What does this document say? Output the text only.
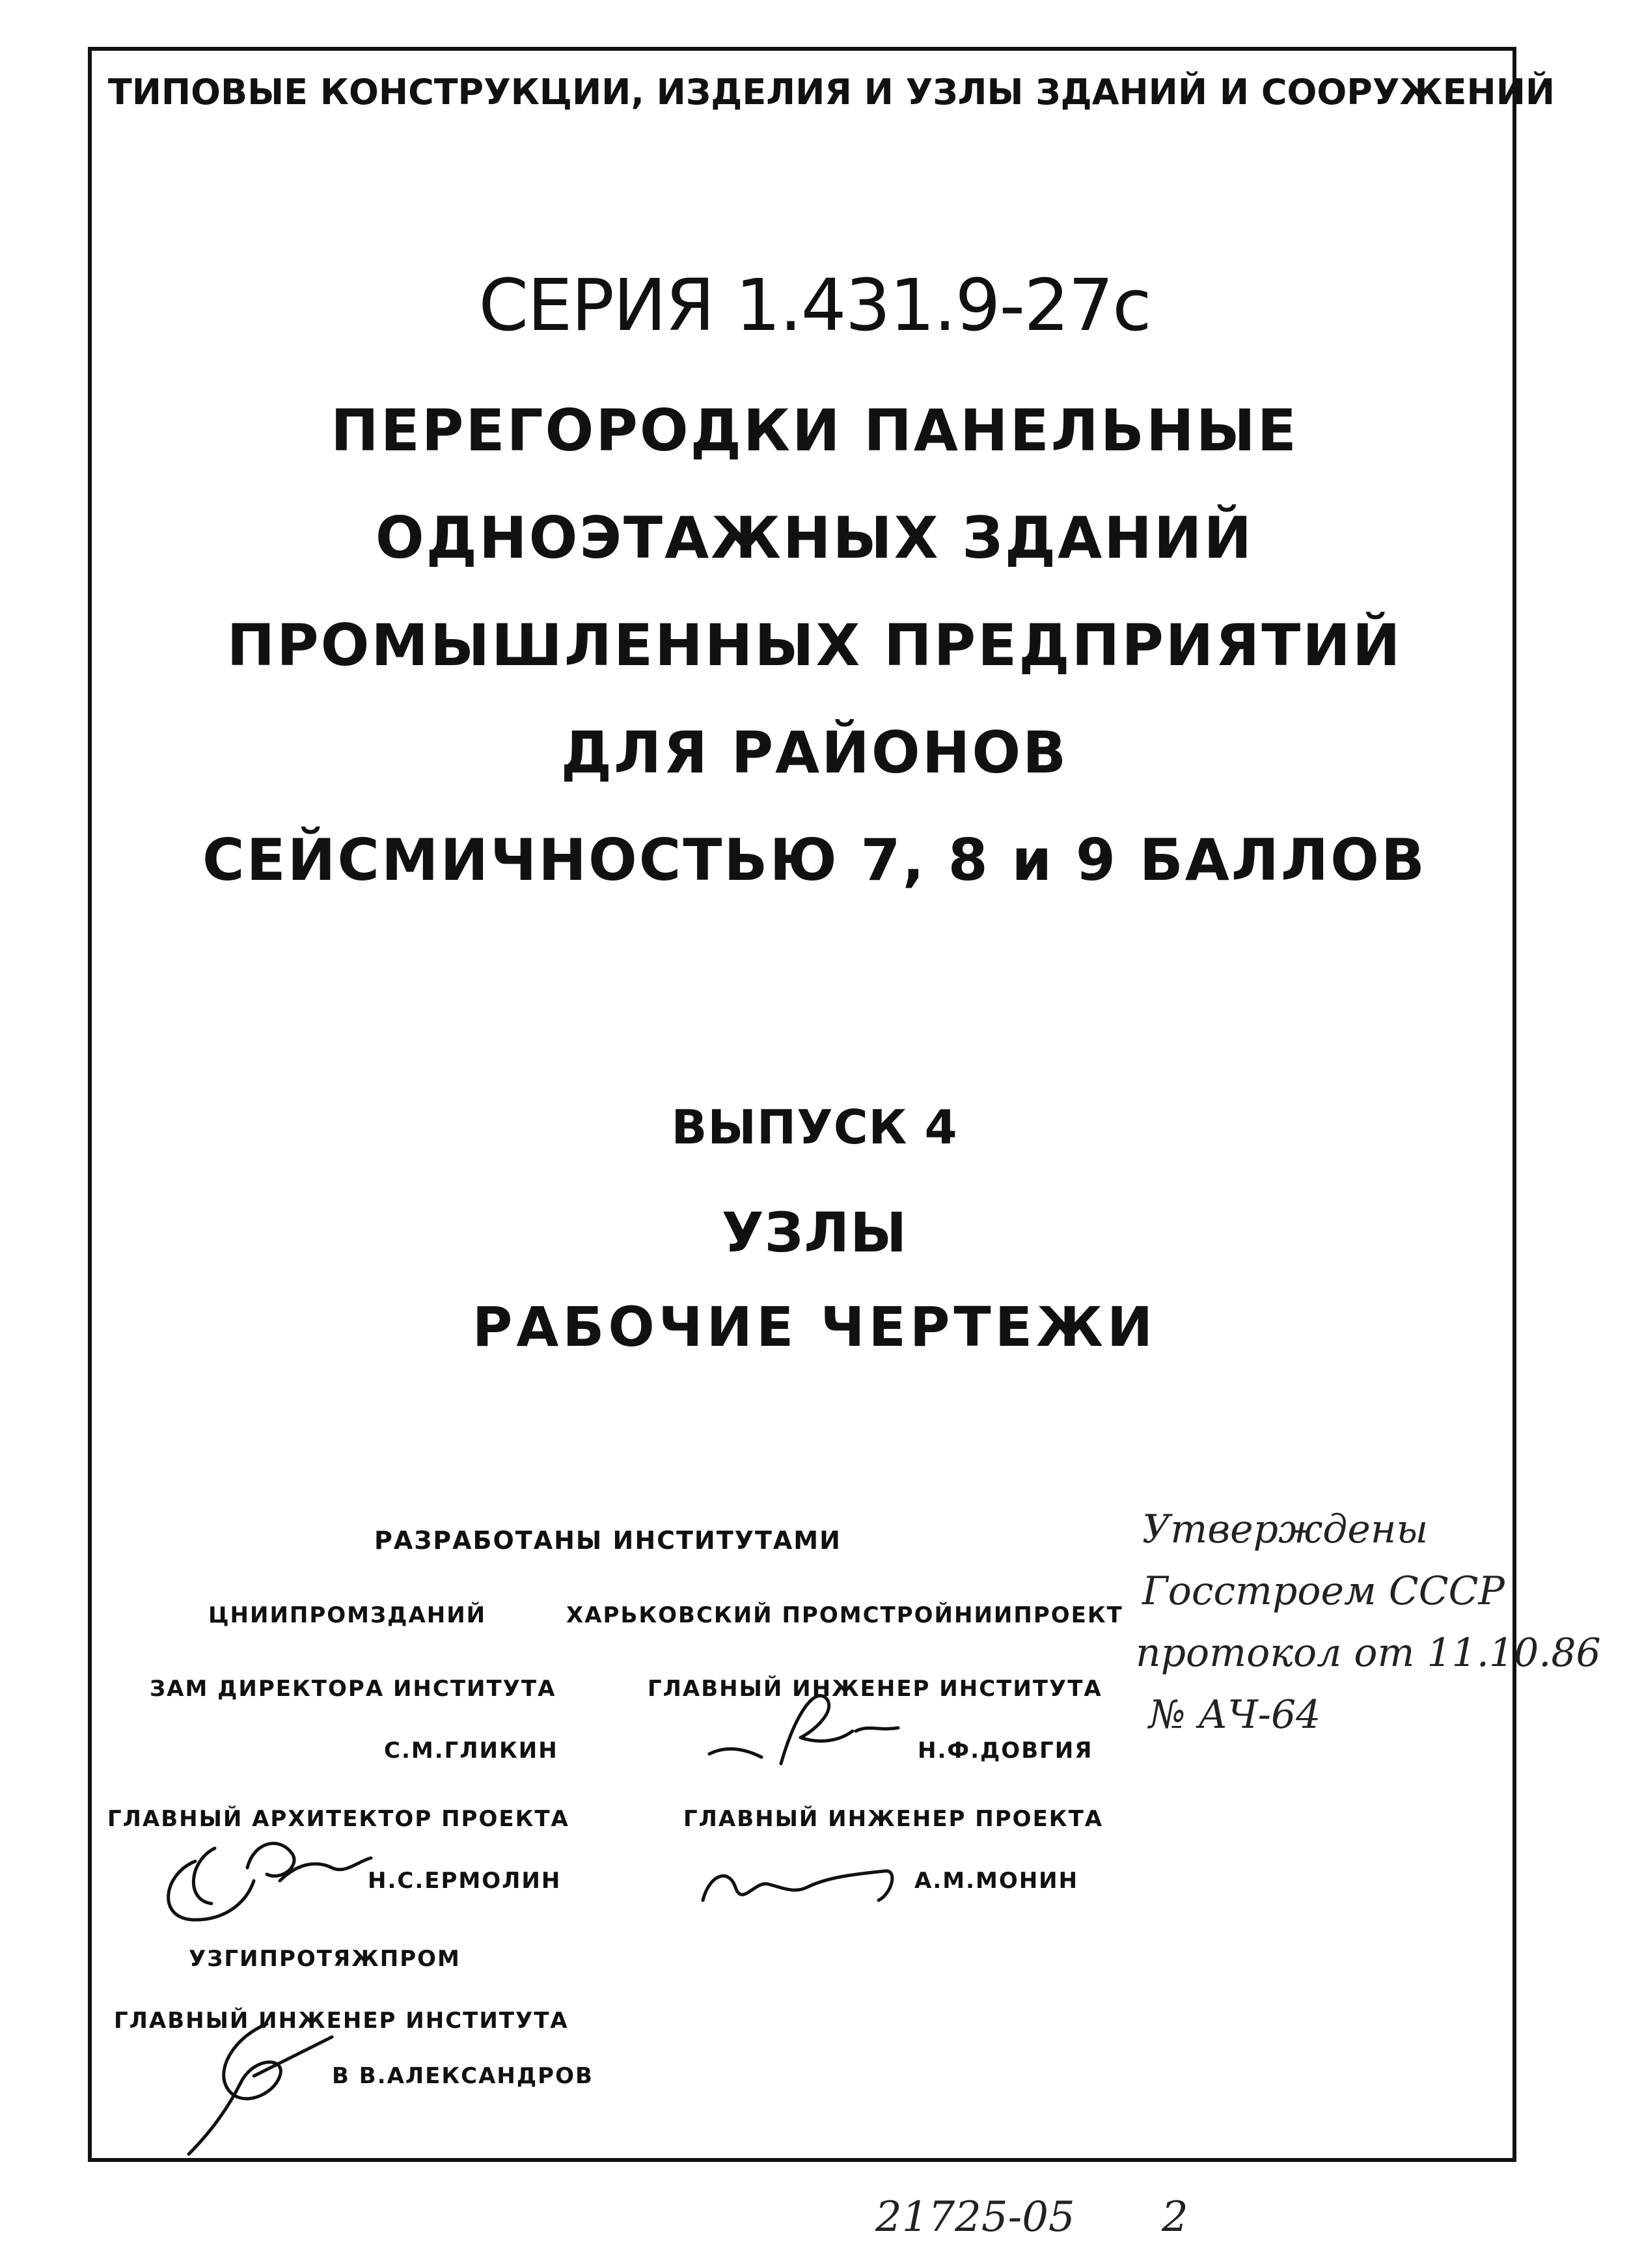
ТИПОВЫЕ КОНСТРУКЦИИ, ИЗДЕЛИЯ И УЗЛЫ ЗДАНИЙ И СООРУЖЕНИЙ

СЕРИЯ 1.431.9-27с

ПЕРЕГОРОДКИ ПАНЕЛЬНЫЕ

ОДНОЭТАЖНЫХ ЗДАНИЙ

ПРОМЫШЛЕННЫХ ПРЕДПРИЯТИЙ

ДЛЯ РАЙОНОВ

СЕЙСМИЧНОСТЬЮ 7, 8 и 9 БАЛЛОВ

ВЫПУСК 4

УЗЛЫ

РАБОЧИЕ ЧЕРТЕЖИ

РАЗРАБОТАНЫ ИНСТИТУТАМИ

ЦНИИПРОМЗДАНИЙ

ЗАМ ДИРЕКТОРА ИНСТИТУТА

С.М.ГЛИКИН

ГЛАВНЫЙ АРХИТЕКТОР ПРОЕКТА

Н.С.ЕРМОЛИН

ХАРЬКОВСКИЙ ПРОМСТРОЙНИИПРОЕКТ

ГЛАВНЫЙ ИНЖЕНЕР ИНСТИТУТА

Н.Ф.ДОВГИЯ

ГЛАВНЫЙ ИНЖЕНЕР ПРОЕКТА

А.М.МОНИН

УЗГИПРОТЯЖПРОМ

ГЛАВНЫЙ ИНЖЕНЕР ИНСТИТУТА

В В.АЛЕКСАНДРОВ

Утверждены

Госстроем СССР

протокол от 11.10.86

№ АЧ-64

21725-05 2
